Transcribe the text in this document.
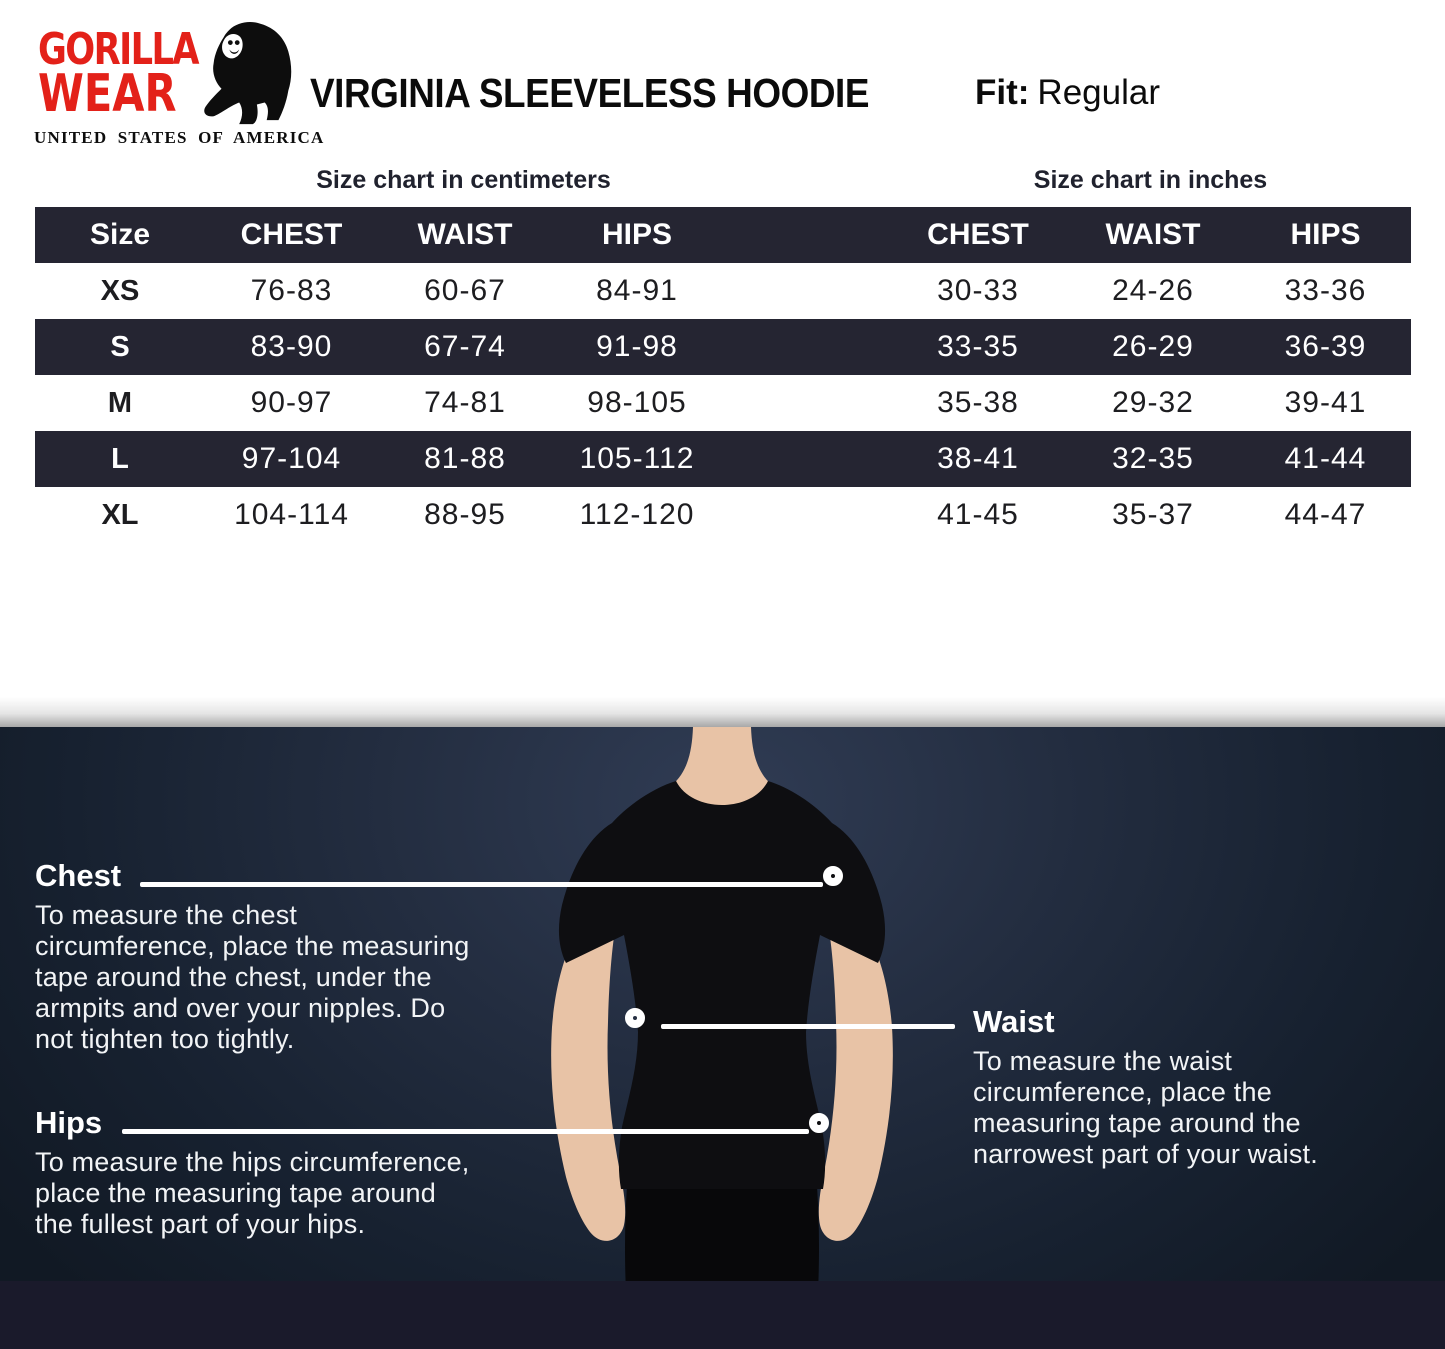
GORILLA
WEAR
UNITED STATES OF AMERICA
VIRGINIA SLEEVELESS HOODIE	Fit: Regular
Size chart in centimeters	Size chart in inches
Size	CHEST	WAIST	HIPS	CHEST	WAIST	HIPS
XS	76-83	60-67	84-91	30-33	24-26	33-36
S	83-90	67-74	91-98	33-35	26-29	36-39
M	90-97	74-81	98-105	35-38	29-32	39-41
L	97-104	81-88	105-112	38-41	32-35	41-44
XL	104-114	88-95	112-120	41-45	35-37	44-47
Chest

To measure the chest circumference, place the measuring tape around the chest, under the armpits and over your nipples. Do not tighten too tightly.	Waist

To measure the waist circumference, place the measuring tape around the narrowest part of your waist.

Hips

To measure the hips circumference, place the measuring tape around the fullest part of your hips.
